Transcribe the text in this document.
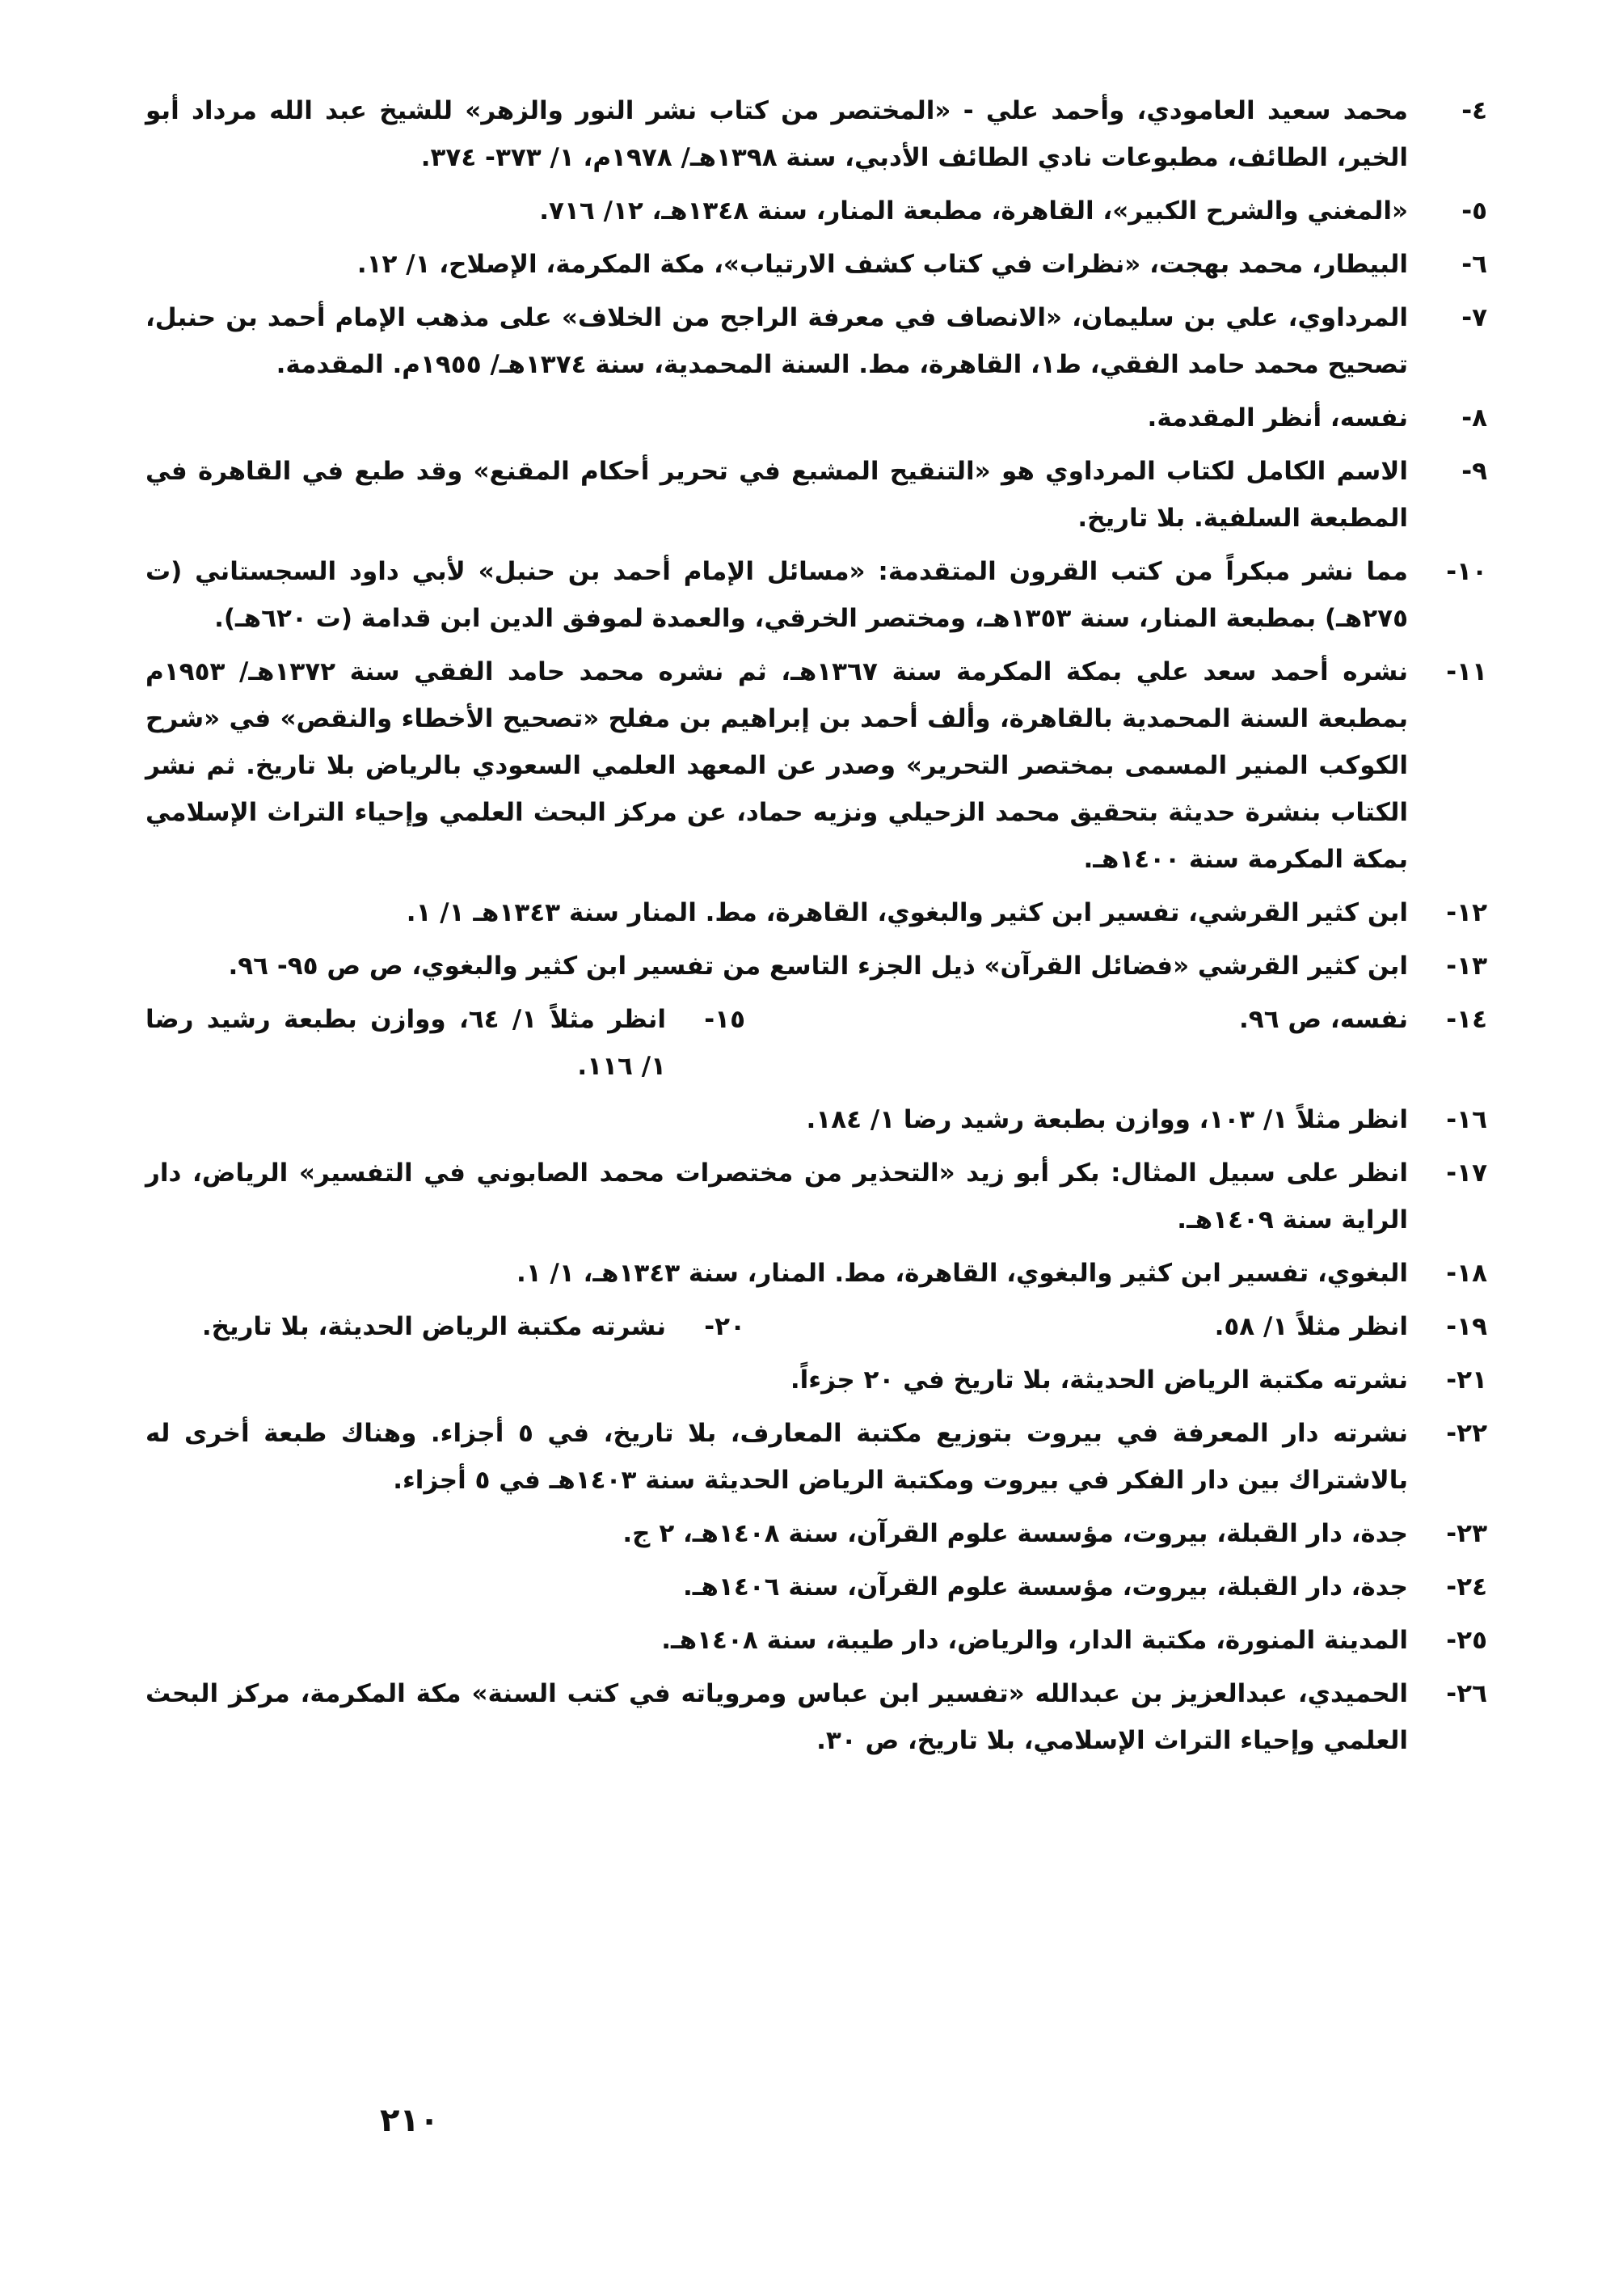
٤-
محمد سعيد العامودي، وأحمد علي - «المختصر من كتاب نشر النور والزهر» للشيخ عبد الله مرداد أبو الخير، الطائف، مطبوعات نادي الطائف الأدبي، سنة ١٣٩٨هـ/ ١٩٧٨م، ١/ ٣٧٣- ٣٧٤.
٥-
«المغني والشرح الكبير»، القاهرة، مطبعة المنار، سنة ١٣٤٨هـ، ١٢/ ٧١٦.
٦-
البيطار، محمد بهجت، «نظرات في كتاب كشف الارتياب»، مكة المكرمة، الإصلاح، ١/ ١٢.
٧-
المرداوي، علي بن سليمان، «الانصاف في معرفة الراجح من الخلاف» على مذهب الإمام أحمد بن حنبل، تصحيح محمد حامد الفقي، ط١، القاهرة، مط. السنة المحمدية، سنة ١٣٧٤هـ/ ١٩٥٥م. المقدمة.
٨-
نفسه، أنظر المقدمة.
٩-
الاسم الكامل لكتاب المرداوي هو «التنقيح المشبع في تحرير أحكام المقنع» وقد طبع في القاهرة في المطبعة السلفية. بلا تاريخ.
١٠-
مما نشر مبكراً من كتب القرون المتقدمة: «مسائل الإمام أحمد بن حنبل» لأبي داود السجستاني (ت ٢٧٥هـ) بمطبعة المنار، سنة ١٣٥٣هـ، ومختصر الخرقي، والعمدة لموفق الدين ابن قدامة (ت ٦٢٠هـ).
١١-
نشره أحمد سعد علي بمكة المكرمة سنة ١٣٦٧هـ، ثم نشره محمد حامد الفقي سنة ١٣٧٢هـ/ ١٩٥٣م بمطبعة السنة المحمدية بالقاهرة، وألف أحمد بن إبراهيم بن مفلح «تصحيح الأخطاء والنقص» في «شرح الكوكب المنير المسمى بمختصر التحرير» وصدر عن المعهد العلمي السعودي بالرياض بلا تاريخ. ثم نشر الكتاب بنشرة حديثة بتحقيق محمد الزحيلي ونزيه حماد، عن مركز البحث العلمي وإحياء التراث الإسلامي بمكة المكرمة سنة ١٤٠٠هـ.
١٢-
ابن كثير القرشي، تفسير ابن كثير والبغوي، القاهرة، مط. المنار سنة ١٣٤٣هـ ١/ ١.
١٣-
ابن كثير القرشي «فضائل القرآن» ذيل الجزء التاسع من تفسير ابن كثير والبغوي، ص ص ٩٥- ٩٦.
١٤-
نفسه، ص ٩٦.
١٥-
انظر مثلاً ١/ ٦٤، ووازن بطبعة رشيد رضا ١/ ١١٦.
١٦-
انظر مثلاً ١/ ١٠٣، ووازن بطبعة رشيد رضا ١/ ١٨٤.
١٧-
انظر على سبيل المثال: بكر أبو زيد «التحذير من مختصرات محمد الصابوني في التفسير» الرياض، دار الراية سنة ١٤٠٩هـ.
١٨-
البغوي، تفسير ابن كثير والبغوي، القاهرة، مط. المنار، سنة ١٣٤٣هـ، ١/ ١.
١٩-
انظر مثلاً ١/ ٥٨.
٢٠-
نشرته مكتبة الرياض الحديثة، بلا تاريخ.
٢١-
نشرته مكتبة الرياض الحديثة، بلا تاريخ في ٢٠ جزءاً.
٢٢-
نشرته دار المعرفة في بيروت بتوزيع مكتبة المعارف، بلا تاريخ، في ٥ أجزاء. وهناك طبعة أخرى له بالاشتراك بين دار الفكر في بيروت ومكتبة الرياض الحديثة سنة ١٤٠٣هـ في ٥ أجزاء.
٢٣-
جدة، دار القبلة، بيروت، مؤسسة علوم القرآن، سنة ١٤٠٨هـ، ٢ ج.
٢٤-
جدة، دار القبلة، بيروت، مؤسسة علوم القرآن، سنة ١٤٠٦هـ.
٢٥-
المدينة المنورة، مكتبة الدار، والرياض، دار طيبة، سنة ١٤٠٨هـ.
٢٦-
الحميدي، عبدالعزيز بن عبدالله «تفسير ابن عباس ومروياته في كتب السنة» مكة المكرمة، مركز البحث العلمي وإحياء التراث الإسلامي، بلا تاريخ، ص ٣٠.
٢١٠
